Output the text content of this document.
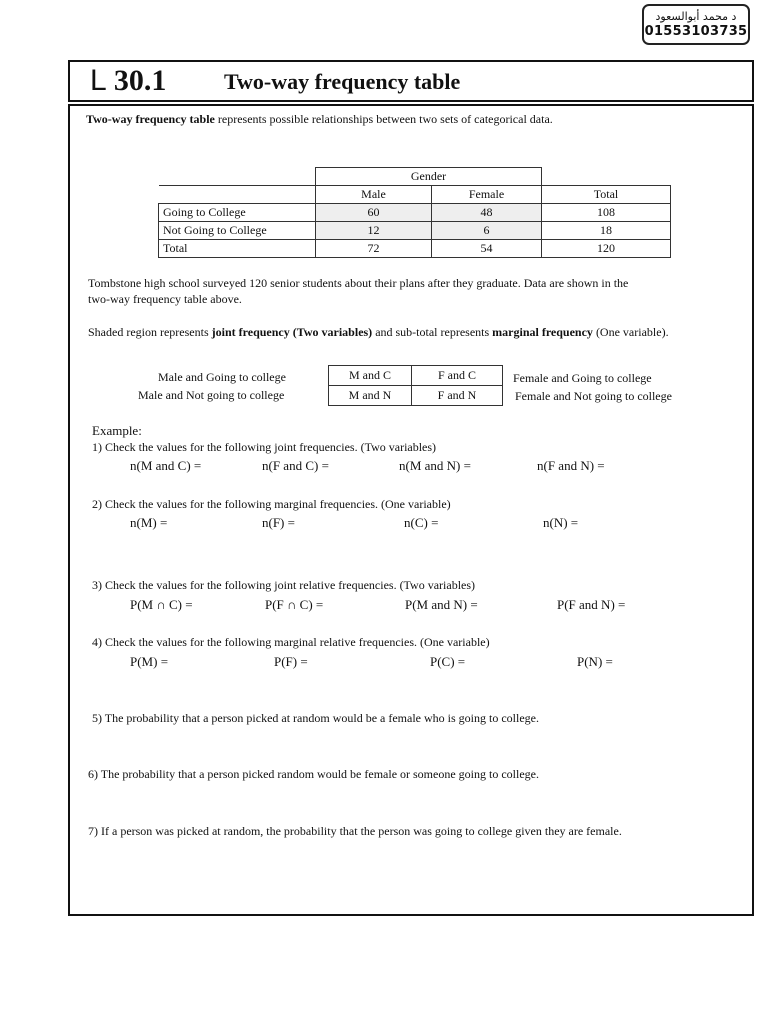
د محمد أبوالسعود
01553103735
L 30.1	Two-way frequency table
Two-way frequency table represents possible relationships between two sets of categorical data.
	Gender		
	Male	Female	Total
Going to College	60	48	108
Not Going to College	12	6	18
Total	72	54	120
Tombstone high school surveyed 120 senior students about their plans after they graduate. Data are shown in the
two-way frequency table above.
Shaded region represents joint frequency (Two variables) and sub-total represents marginal frequency (One variable).
Male and Going to college
Male and Not going to college
M and C	F and C
M and N	F and N
Female and Going to college
Female and Not going to college
Example:
1) Check the values for the following joint frequencies. (Two variables)
n(M and C) =	n(F and C) =	n(M and N) =	n(F and N) =
2) Check the values for the following marginal frequencies. (One variable)
n(M) =	n(F) =	n(C) =	n(N) =
3) Check the values for the following joint relative frequencies. (Two variables)
P(M ∩ C) =	P(F ∩ C) =	P(M and N) =	P(F and N) =
4) Check the values for the following marginal relative frequencies. (One variable)
P(M) =	P(F) =	P(C) =	P(N) =
5) The probability that a person picked at random would be a female who is going to college.
6) The probability that a person picked random would be female or someone going to college.
7) If a person was picked at random, the probability that the person was going to college given they are female.
